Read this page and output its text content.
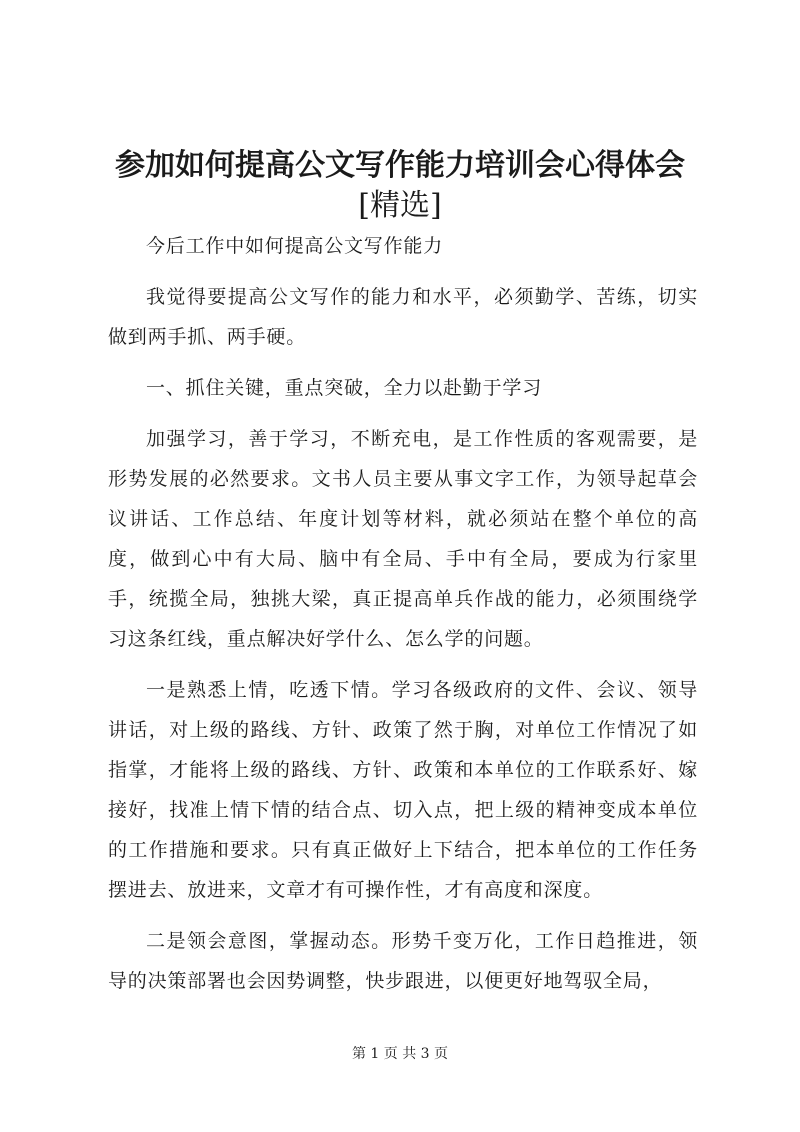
参加如何提高公文写作能力培训会心得体会
[精选]

今后工作中如何提高公文写作能力

我觉得要提高公文写作的能力和水平，必须勤学、苦练，切实做到两手抓、两手硬。

一、抓住关键，重点突破，全力以赴勤于学习

加强学习，善于学习，不断充电，是工作性质的客观需要，是形势发展的必然要求。文书人员主要从事文字工作，为领导起草会议讲话、工作总结、年度计划等材料，就必须站在整个单位的高度，做到心中有大局、脑中有全局、手中有全局，要成为行家里手，统揽全局，独挑大梁，真正提高单兵作战的能力，必须围绕学习这条红线，重点解决好学什么、怎么学的问题。

一是熟悉上情，吃透下情。学习各级政府的文件、会议、领导讲话，对上级的路线、方针、政策了然于胸，对单位工作情况了如指掌，才能将上级的路线、方针、政策和本单位的工作联系好、嫁接好，找准上情下情的结合点、切入点，把上级的精神变成本单位的工作措施和要求。只有真正做好上下结合，把本单位的工作任务摆进去、放进来，文章才有可操作性，才有高度和深度。

二是领会意图，掌握动态。形势千变万化，工作日趋推进，领导的决策部署也会因势调整，快步跟进，以便更好地驾驭全局，

第 1 页 共 3 页
